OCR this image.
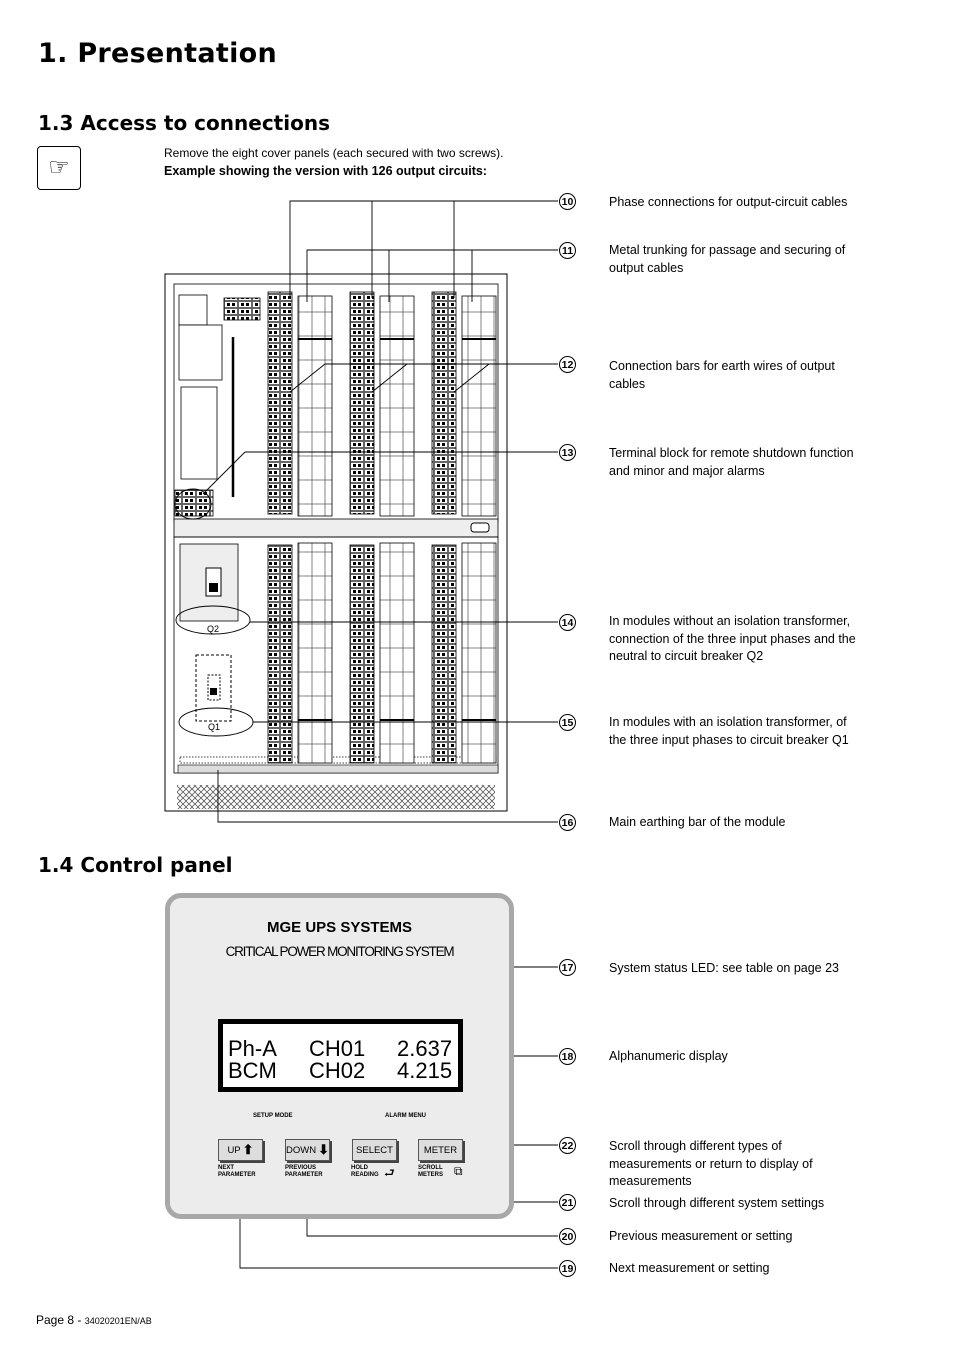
1. Presentation
1.3 Access to connections
☞
Remove the eight cover panels (each secured with two screws).
Example showing the version with 126 output circuits:
Q2
Q1
10	Phase connections for output-circuit cables
11	Metal trunking for passage and securing of output cables
12	Connection bars for earth wires of output cables
13	Terminal block for remote shutdown function and minor and major alarms
14	In modules without an isolation transformer, connection of the three input phases and the neutral to circuit breaker Q2
15	In modules with an isolation transformer, of the three input phases to circuit breaker Q1
16	Main earthing bar of the module
1.4 Control panel
MGE UPS SYSTEMS
CRITICAL POWER MONITORING SYSTEM
Ph-A CH01 2.637
BCM CH02 4.215
SETUP MODE	ALARM MENU
UP ⬆	DOWN ⬇	SELECT	METER
NEXT
PARAMETER
PREVIOUS
PARAMETER
HOLD
READING ⮐	SCROLL
METERS ⧉
17	System status LED: see table on page 23
18	Alphanumeric display
22	Scroll through different types of measurements or return to display of measurements
21	Scroll through different system settings
20	Previous measurement or setting
19	Next measurement or setting
Page 8 - 34020201EN/AB
